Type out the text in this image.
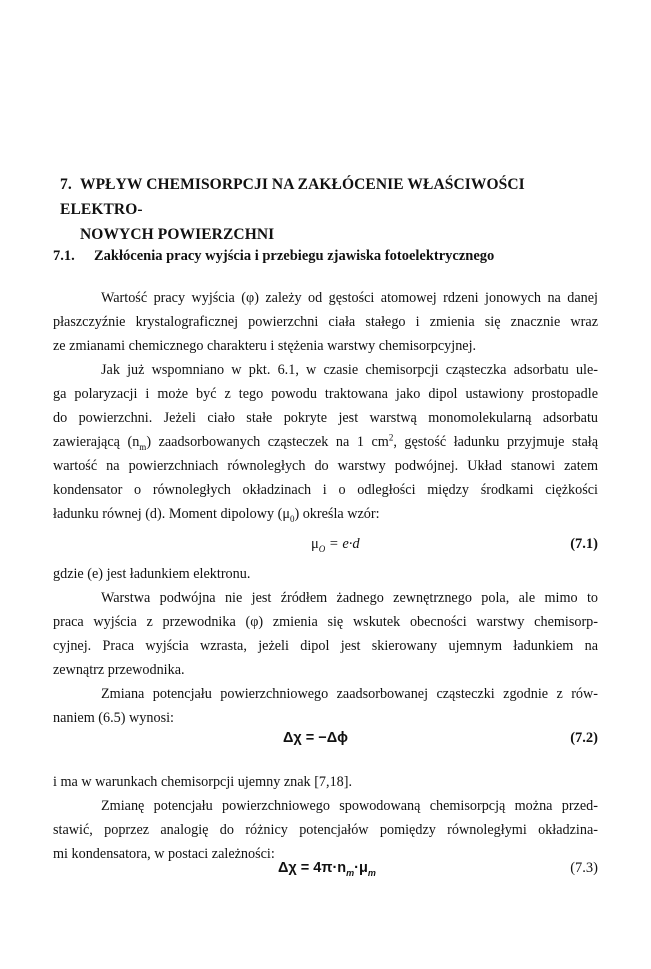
7. WPŁYW CHEMISORPCJI NA ZAKŁÓCENIE WŁAŚCIWOŚCI ELEKTRO-
NOWYCH POWIERZCHNI
7.1. Zakłócenia pracy wyjścia i przebiegu zjawiska fotoelektrycznego
Wartość pracy wyjścia (φ) zależy od gęstości atomowej rdzeni jonowych na danej
płaszczyźnie krystalograficznej powierzchni ciała stałego i zmienia się znacznie wraz
ze zmianami chemicznego charakteru i stężenia warstwy chemisorpcyjnej.
Jak już wspomniano w pkt. 6.1, w czasie chemisorpcji cząsteczka adsorbatu ule-
ga polaryzacji i może być z tego powodu traktowana jako dipol ustawiony prostopadle
do powierzchni. Jeżeli ciało stałe pokryte jest warstwą monomolekularną adsorbatu
zawierającą $(n_m)$ zaadsorbowanych cząsteczek na 1 $cm^2$, gęstość ładunku przyjmuje stałą
wartość na powierzchniach równoległych do warstwy podwójnej. Układ stanowi zatem
kondensator o równoległych okładzinach i o odległości między środkami ciężkości
ładunku równej (d). Moment dipolowy $(\mu_0)$ określa wzór:
$\mu_O = e\cdot d$	(7.1)
gdzie (e) jest ładunkiem elektronu.
Warstwa podwójna nie jest źródłem żadnego zewnętrznego pola, ale mimo to
praca wyjścia z przewodnika (φ) zmienia się wskutek obecności warstwy chemisorp-
cyjnej. Praca wyjścia wzrasta, jeżeli dipol jest skierowany ujemnym ładunkiem na
zewnątrz przewodnika.
Zmiana potencjału powierzchniowego zaadsorbowanej cząsteczki zgodnie z rów-
naniem (6.5) wynosi:
Δχ = −Δϕ	(7.2)
i ma w warunkach chemisorpcji ujemny znak [7,18].
Zmianę potencjału powierzchniowego spowodowaną chemisorpcją można przed-
stawić, poprzez analogię do różnicy potencjałów pomiędzy równoległymi okładzina-
mi kondensatora, w postaci zależności:
$\Delta\chi = 4\pi\cdot n_m\cdot\mu_m$	(7.3)
